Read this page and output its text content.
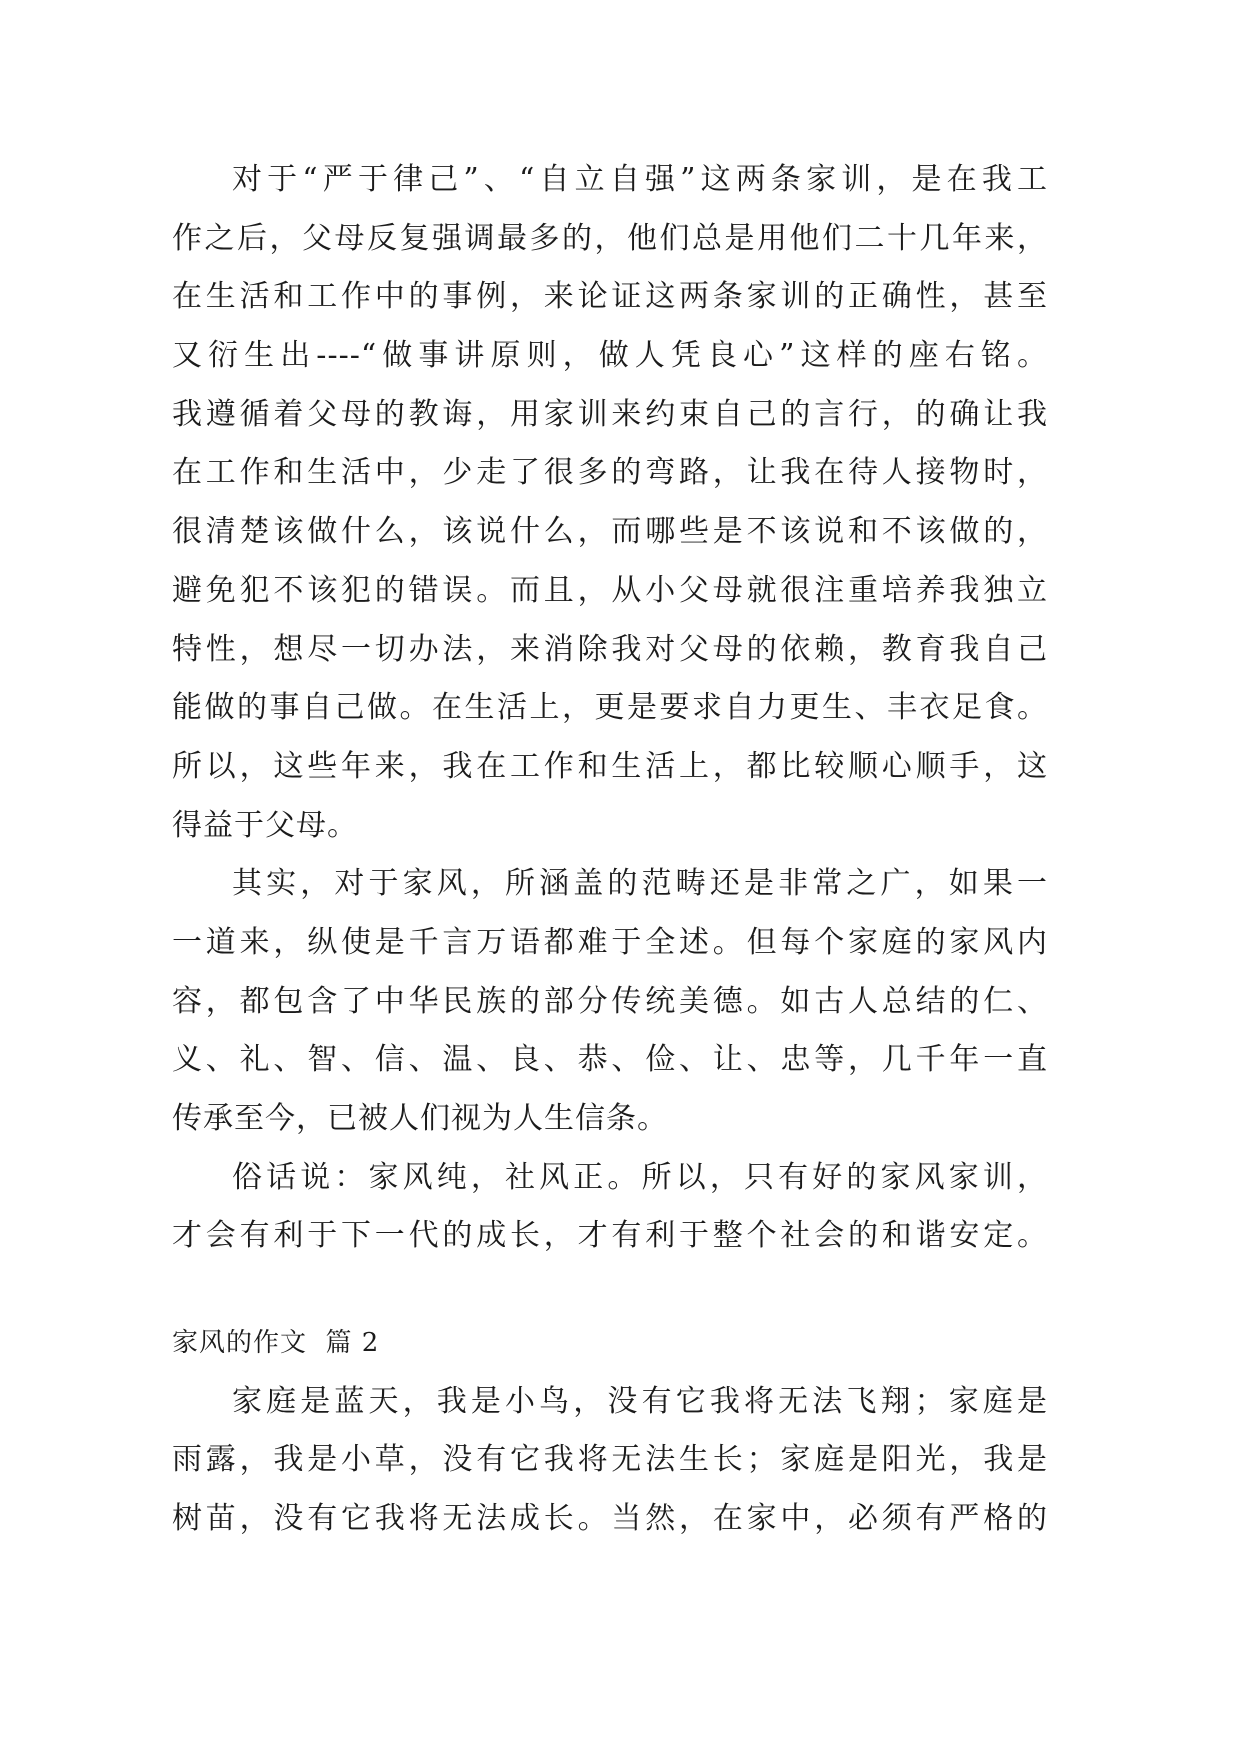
对于“严于律己”、“自立自强”这两条家训，是在我工
作之后，父母反复强调最多的，他们总是用他们二十几年来，
在生活和工作中的事例，来论证这两条家训的正确性，甚至
又衍生出----“做事讲原则，做人凭良心”这样的座右铭。
我遵循着父母的教诲，用家训来约束自己的言行，的确让我
在工作和生活中，少走了很多的弯路，让我在待人接物时，
很清楚该做什么，该说什么，而哪些是不该说和不该做的，
避免犯不该犯的错误。而且，从小父母就很注重培养我独立
特性，想尽一切办法，来消除我对父母的依赖，教育我自己
能做的事自己做。在生活上，更是要求自力更生、丰衣足食。
所以，这些年来，我在工作和生活上，都比较顺心顺手，这
得益于父母。
其实，对于家风，所涵盖的范畴还是非常之广，如果一
一道来，纵使是千言万语都难于全述。但每个家庭的家风内
容，都包含了中华民族的部分传统美德。如古人总结的仁、
义、礼、智、信、温、良、恭、俭、让、忠等，几千年一直
传承至今，已被人们视为人生信条。
俗话说：家风纯，社风正。所以，只有好的家风家训，
才会有利于下一代的成长，才有利于整个社会的和谐安定。
家风的作文  篇 2
家庭是蓝天，我是小鸟，没有它我将无法飞翔；家庭是
雨露，我是小草，没有它我将无法生长；家庭是阳光，我是
树苗，没有它我将无法成长。当然，在家中，必须有严格的
